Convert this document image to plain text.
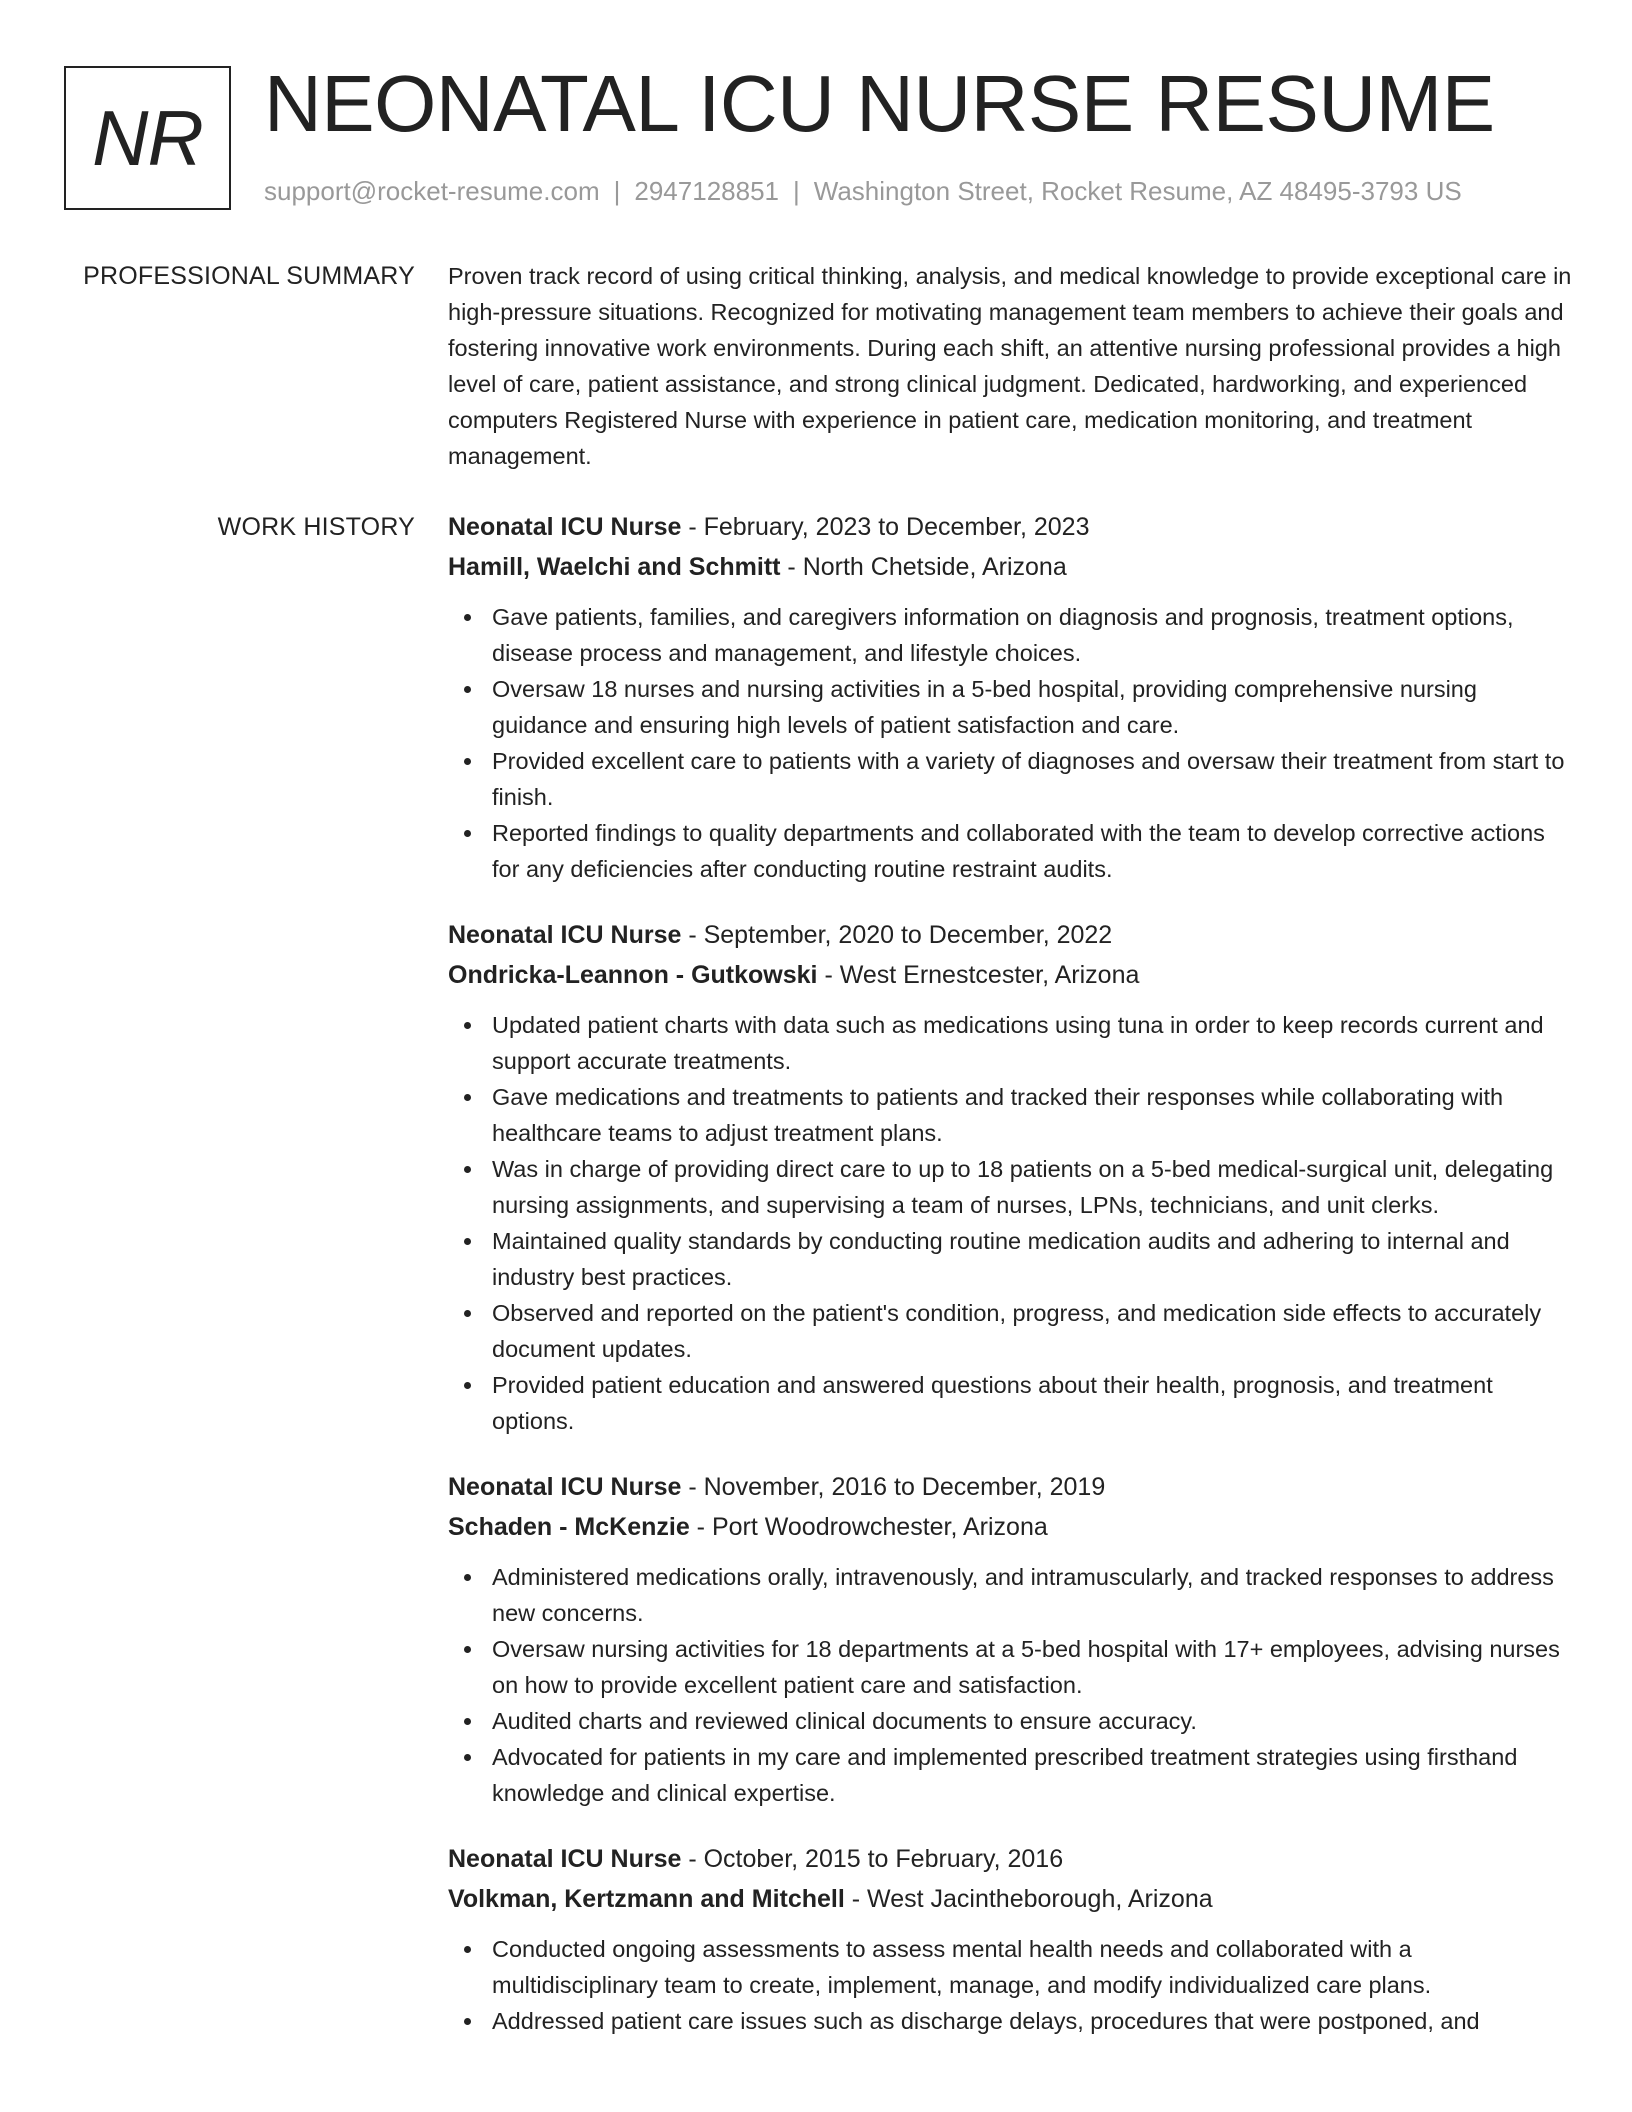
NR NEONATAL ICU NURSE RESUME
support@rocket-resume.com | 2947128851 | Washington Street, Rocket Resume, AZ 48495-3793 US
PROFESSIONAL SUMMARY Proven track record of using critical thinking, analysis, and medical knowledge to provide exceptional care in high-pressure situations. Recognized for motivating management team members to achieve their goals and fostering innovative work environments. During each shift, an attentive nursing professional provides a high level of care, patient assistance, and strong clinical judgment. Dedicated, hardworking, and experienced computers Registered Nurse with experience in patient care, medication monitoring, and treatment management.

WORK HISTORY Neonatal ICU Nurse - February, 2023 to December, 2023
Hamill, Waelchi and Schmitt - North Chetside, Arizona
Gave patients, families, and caregivers information on diagnosis and prognosis, treatment options, disease process and management, and lifestyle choices.
Oversaw 18 nurses and nursing activities in a 5-bed hospital, providing comprehensive nursing guidance and ensuring high levels of patient satisfaction and care.
Provided excellent care to patients with a variety of diagnoses and oversaw their treatment from start to finish.
Reported findings to quality departments and collaborated with the team to develop corrective actions for any deficiencies after conducting routine restraint audits.
Neonatal ICU Nurse - September, 2020 to December, 2022
Ondricka-Leannon - Gutkowski - West Ernestcester, Arizona
Updated patient charts with data such as medications using tuna in order to keep records current and support accurate treatments.
Gave medications and treatments to patients and tracked their responses while collaborating with healthcare teams to adjust treatment plans.
Was in charge of providing direct care to up to 18 patients on a 5-bed medical-surgical unit, delegating nursing assignments, and supervising a team of nurses, LPNs, technicians, and unit clerks.
Maintained quality standards by conducting routine medication audits and adhering to internal and industry best practices.
Observed and reported on the patient's condition, progress, and medication side effects to accurately document updates.
Provided patient education and answered questions about their health, prognosis, and treatment options.
Neonatal ICU Nurse - November, 2016 to December, 2019
Schaden - McKenzie - Port Woodrowchester, Arizona
Administered medications orally, intravenously, and intramuscularly, and tracked responses to address new concerns.
Oversaw nursing activities for 18 departments at a 5-bed hospital with 17+ employees, advising nurses on how to provide excellent patient care and satisfaction.
Audited charts and reviewed clinical documents to ensure accuracy.
Advocated for patients in my care and implemented prescribed treatment strategies using firsthand knowledge and clinical expertise.
Neonatal ICU Nurse - October, 2015 to February, 2016
Volkman, Kertzmann and Mitchell - West Jacintheborough, Arizona
Conducted ongoing assessments to assess mental health needs and collaborated with a multidisciplinary team to create, implement, manage, and modify individualized care plans.
Addressed patient care issues such as discharge delays, procedures that were postponed, and
